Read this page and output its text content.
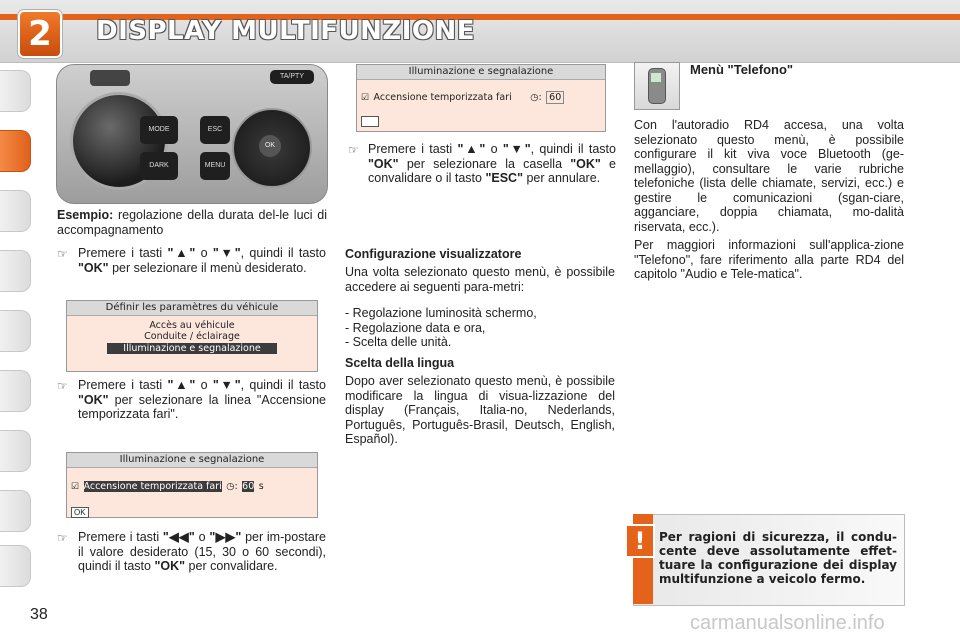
2	DISPLAY MULTIFUNZIONE
TA/PTY
MODE
DARK
ESC
MENU
OK
Esempio: regolazione della durata del-le luci di accompagnamento
☞ Premere i tasti "▲" o "▼", quindi il tasto "OK" per selezionare il menù desiderato.
Définir les paramètres du véhicule
Accès au véhicule
Conduite / éclairage
Illuminazione e segnalazione
☞ Premere i tasti "▲" o "▼", quindi il tasto "OK" per selezionare la linea "Accensione temporizzata fari".
Illuminazione e segnalazione
☑ Accensione temporizzata fari ◷: 60 s
OK
☞ Premere i tasti "◀◀" o "▶▶" per im-postare il valore desiderato (15, 30 o 60 secondi), quindi il tasto "OK" per convalidare.
Illuminazione e segnalazione
☑ Accensione temporizzata fari ◷: 60
OK
☞ Premere i tasti "▲" o "▼", quindi il tasto "OK" per selezionare la casella "OK" e convalidare o il tasto "ESC" per annulare.
Configurazione visualizzatore
Una volta selezionato questo menù, è possibile accedere ai seguenti para-metri:
- Regolazione luminosità schermo,
- Regolazione data e ora,
- Scelta delle unità.
Scelta della lingua
Dopo aver selezionato questo menù, è possibile modificare la lingua di visua-lizzazione del display (Français, Italia-no, Nederlands, Português, Português-Brasil, Deutsch, English, Español).
Menù "Telefono"
Con l'autoradio RD4 accesa, una volta selezionato questo menù, è possibile configurare il kit viva voce Bluetooth (ge-mellaggio), consultare le varie rubriche telefoniche (lista delle chiamate, servizi, ecc.) e gestire le comunicazioni (sgan-ciare, agganciare, doppia chiamata, mo-dalità riservata, ecc.).
Per maggiori informazioni sull'applica-zione "Telefono", fare riferimento alla parte RD4 del capitolo "Audio e Tele-matica".
!	Per ragioni di sicurezza, il condu-cente deve assolutamente effet-tuare la configurazione dei display multifunzione a veicolo fermo.
38	carmanualsonline.info
